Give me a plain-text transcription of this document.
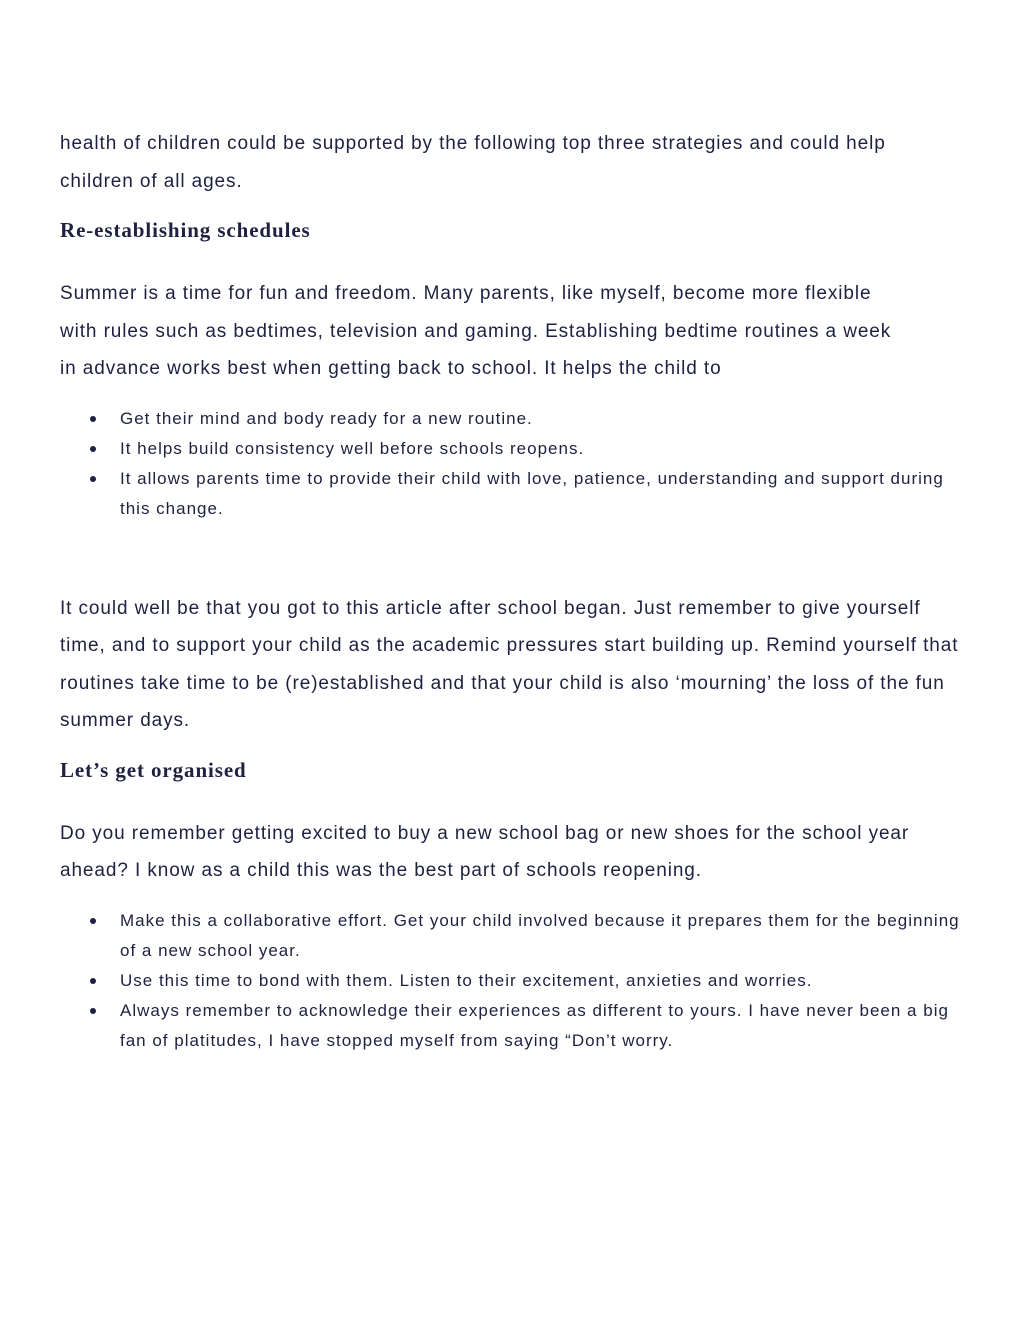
health of children could be supported by the following top three strategies and could help children of all ages.

Re-establishing schedules

Summer is a time for fun and freedom. Many parents, like myself, become more flexible with rules such as bedtimes, television and gaming. Establishing bedtime routines a week in advance works best when getting back to school. It helps the child to

Get their mind and body ready for a new routine.
It helps build consistency well before schools reopens.
It allows parents time to provide their child with love, patience, understanding and support during this change.

It could well be that you got to this article after school began. Just remember to give yourself time, and to support your child as the academic pressures start building up. Remind yourself that routines take time to be (re)established and that your child is also ‘mourning’ the loss of the fun summer days.

Let’s get organised

Do you remember getting excited to buy a new school bag or new shoes for the school year ahead? I know as a child this was the best part of schools reopening.

Make this a collaborative effort. Get your child involved because it prepares them for the beginning of a new school year.
Use this time to bond with them. Listen to their excitement, anxieties and worries.
Always remember to acknowledge their experiences as different to yours. I have never been a big fan of platitudes, I have stopped myself from saying “Don’t worry.
